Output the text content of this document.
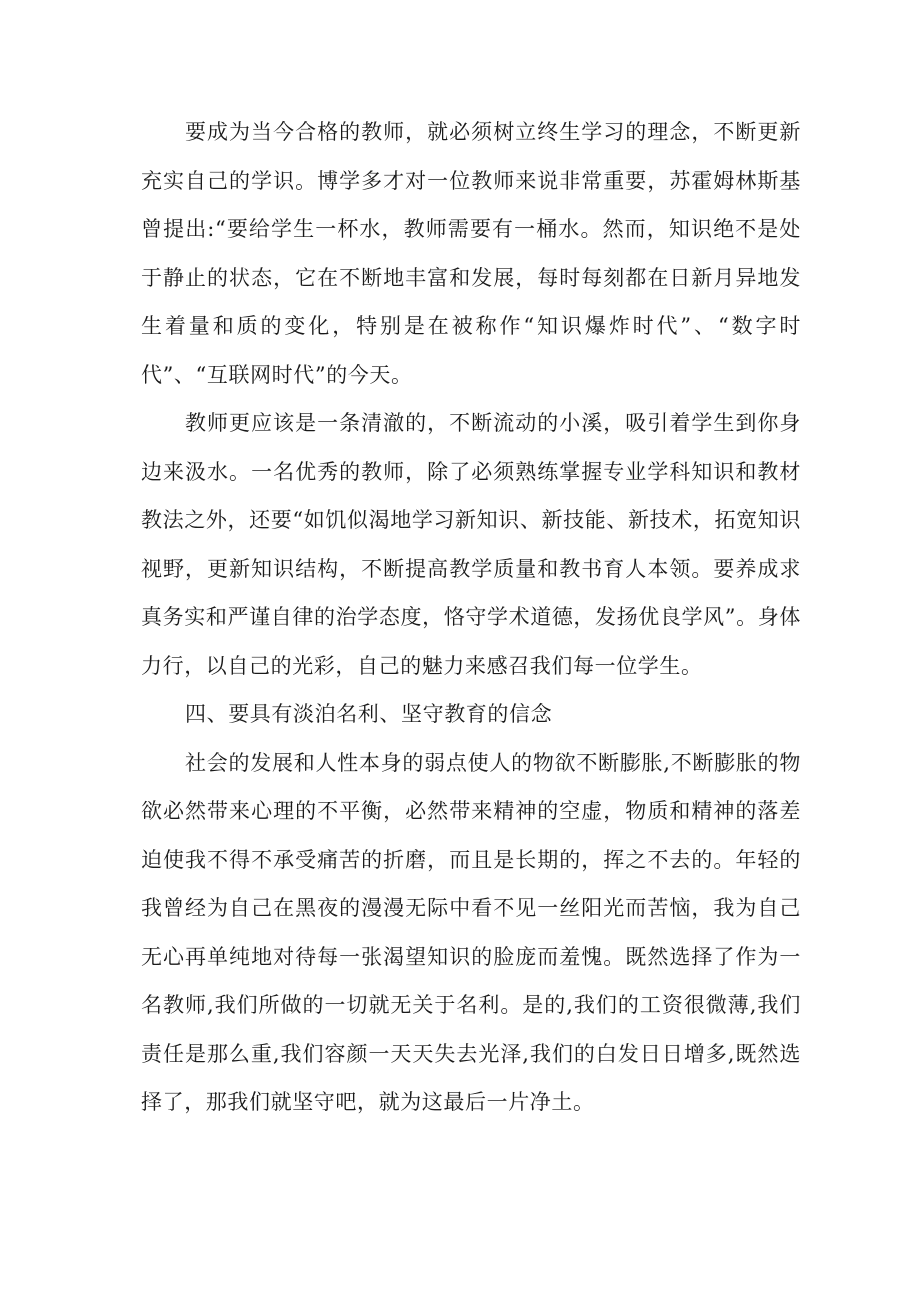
要成为当今合格的教师，就必须树立终生学习的理念，不断更新充实自己的学识。博学多才对一位教师来说非常重要，苏霍姆林斯基曾提出:“要给学生一杯水，教师需要有一桶水。然而，知识绝不是处于静止的状态，它在不断地丰富和发展，每时每刻都在日新月异地发生着量和质的变化，特别是在被称作“知识爆炸时代”、“数字时代”、“互联网时代”的今天。

教师更应该是一条清澈的，不断流动的小溪，吸引着学生到你身边来汲水。一名优秀的教师，除了必须熟练掌握专业学科知识和教材教法之外，还要“如饥似渴地学习新知识、新技能、新技术，拓宽知识视野，更新知识结构，不断提高教学质量和教书育人本领。要养成求真务实和严谨自律的治学态度，恪守学术道德，发扬优良学风”。身体力行，以自己的光彩，自己的魅力来感召我们每一位学生。

四、要具有淡泊名利、坚守教育的信念

社会的发展和人性本身的弱点使人的物欲不断膨胀,不断膨胀的物欲必然带来心理的不平衡，必然带来精神的空虚，物质和精神的落差迫使我不得不承受痛苦的折磨，而且是长期的，挥之不去的。年轻的我曾经为自己在黑夜的漫漫无际中看不见一丝阳光而苦恼，我为自己无心再单纯地对待每一张渴望知识的脸庞而羞愧。既然选择了作为一名教师,我们所做的一切就无关于名利。是的,我们的工资很微薄,我们责任是那么重,我们容颜一天天失去光泽,我们的白发日日增多,既然选择了，那我们就坚守吧，就为这最后一片净土。
